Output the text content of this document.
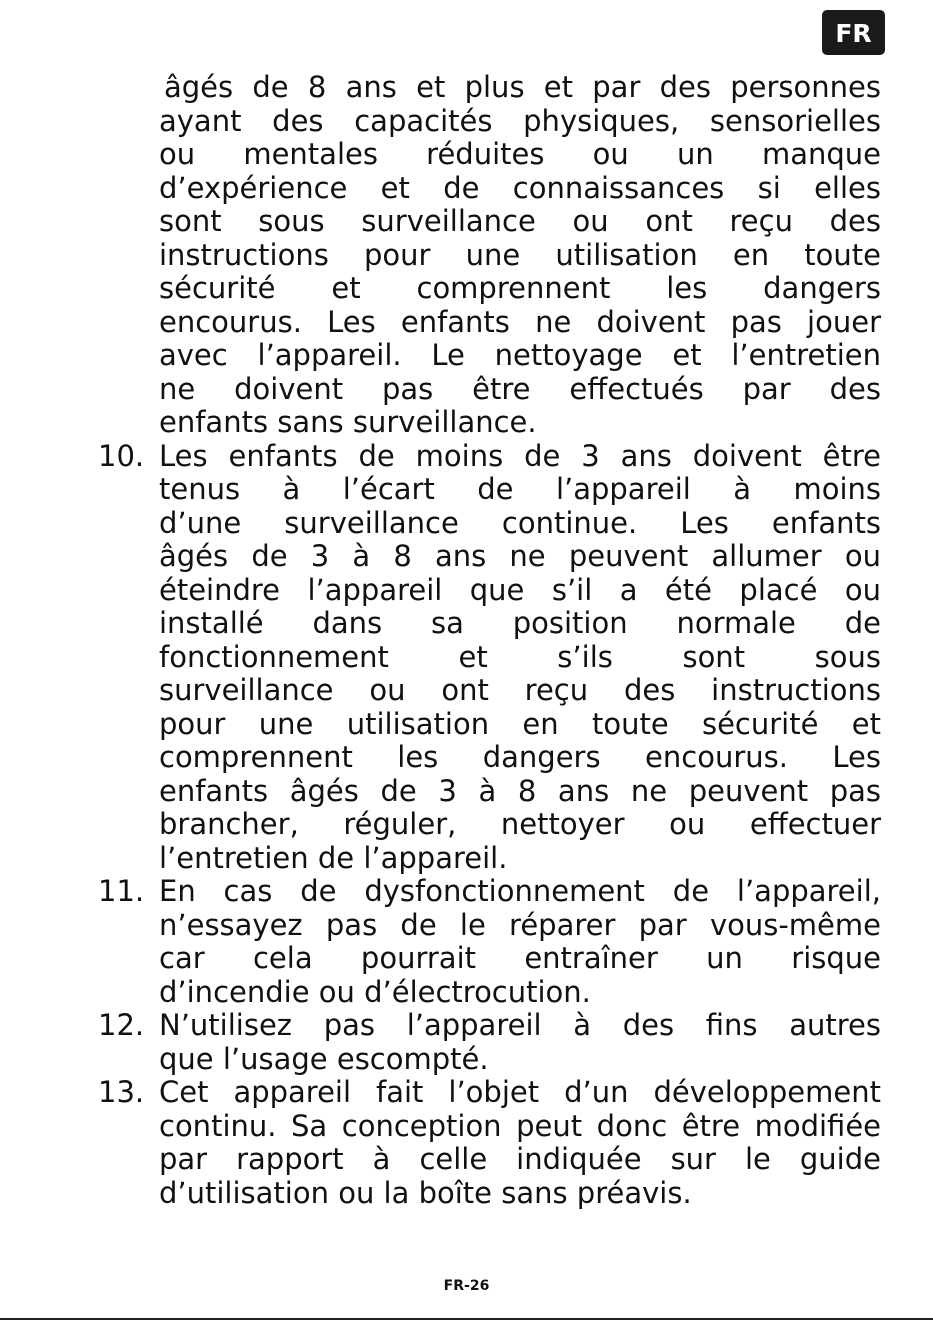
FR
âgés de 8 ans et plus et par des personnes
ayant des capacités physiques, sensorielles
ou mentales réduites ou un manque
d’expérience et de connaissances si elles
sont sous surveillance ou ont reçu des
instructions pour une utilisation en toute
sécurité et comprennent les dangers
encourus. Les enfants ne doivent pas jouer
avec l’appareil. Le nettoyage et l’entretien
ne doivent pas être effectués par des
enfants sans surveillance.
10. Les enfants de moins de 3 ans doivent être
tenus à l’écart de l’appareil à moins
d’une surveillance continue. Les enfants
âgés de 3 à 8 ans ne peuvent allumer ou
éteindre l’appareil que s’il a été placé ou
installé dans sa position normale de
fonctionnement et s’ils sont sous
surveillance ou ont reçu des instructions
pour une utilisation en toute sécurité et
comprennent les dangers encourus. Les
enfants âgés de 3 à 8 ans ne peuvent pas
brancher, réguler, nettoyer ou effectuer
l’entretien de l’appareil.
11. En cas de dysfonctionnement de l’appareil,
n’essayez pas de le réparer par vous-même
car cela pourrait entraîner un risque
d’incendie ou d’électrocution.
12. N’utilisez pas l’appareil à des fins autres
que l’usage escompté.
13. Cet appareil fait l’objet d’un développement
continu. Sa conception peut donc être modifiée
par rapport à celle indiquée sur le guide
d’utilisation ou la boîte sans préavis.
FR-26
